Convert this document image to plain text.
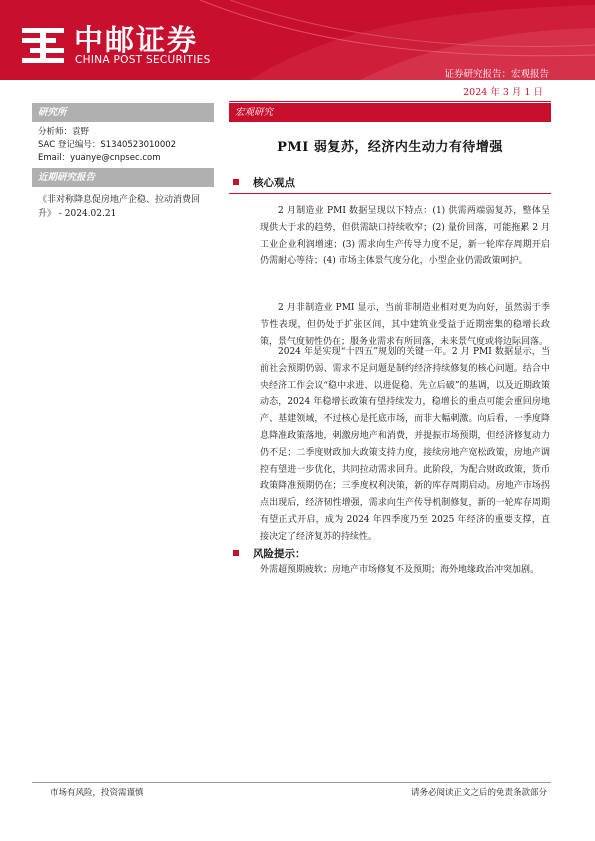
中邮证券
CHINA POST SECURITIES
证券研究报告：宏观报告
2024 年 3 月 1 日
研究所
分析师：袁野
SAC 登记编号：S1340523010002
Email：yuanye@cnpsec.com
近期研究报告
《非对称降息促房地产企稳、拉动消费回升》 - 2024.02.21
宏观研究
PMI 弱复苏，经济内生动力有待增强
核心观点

2 月制造业 PMI 数据呈现以下特点：(1) 供需两端弱复苏，整体呈现供大于求的趋势，但供需缺口持续收窄；(2) 量价回落，可能拖累 2 月工业企业利润增速；(3) 需求向生产传导力度不足，新一轮库存周期开启仍需耐心等待；(4) 市场主体景气度分化，小型企业仍需政策呵护。

2 月非制造业 PMI 显示，当前非制造业相对更为向好，虽然弱于季节性表现，但仍处于扩张区间，其中建筑业受益于近期密集的稳增长政策，景气度韧性仍在；服务业需求有所回落，未来景气度或将边际回落。

2024 年是实现“十四五”规划的关键一年。2 月 PMI 数据显示，当前社会预期仍弱、需求不足问题是制约经济持续修复的核心问题。结合中央经济工作会议“稳中求进、以进促稳、先立后破”的基调，以及近期政策动态，2024 年稳增长政策有望持续发力，稳增长的重点可能会重回房地产、基建领域，不过核心是托底市场，而非大幅刺激。向后看，一季度降息降准政策落地，刺激房地产和消费，并提振市场预期，但经济修复动力仍不足；二季度财政加大政策支持力度，接续房地产宽松政策，房地产调控有望进一步优化，共同拉动需求回升。此阶段，为配合财政政策，货币政策降准预期仍在；三季度权利决策，新的库存周期启动。房地产市场拐点出现后，经济韧性增强，需求向生产传导机制修复，新的一轮库存周期有望正式开启，成为 2024 年四季度乃至 2025 年经济的重要支撑，直接决定了经济复苏的持续性。

风险提示：

外需超预期疲软；房地产市场修复不及预期；海外地缘政治冲突加剧。

市场有风险，投资需谨慎	请务必阅读正文之后的免责条款部分
